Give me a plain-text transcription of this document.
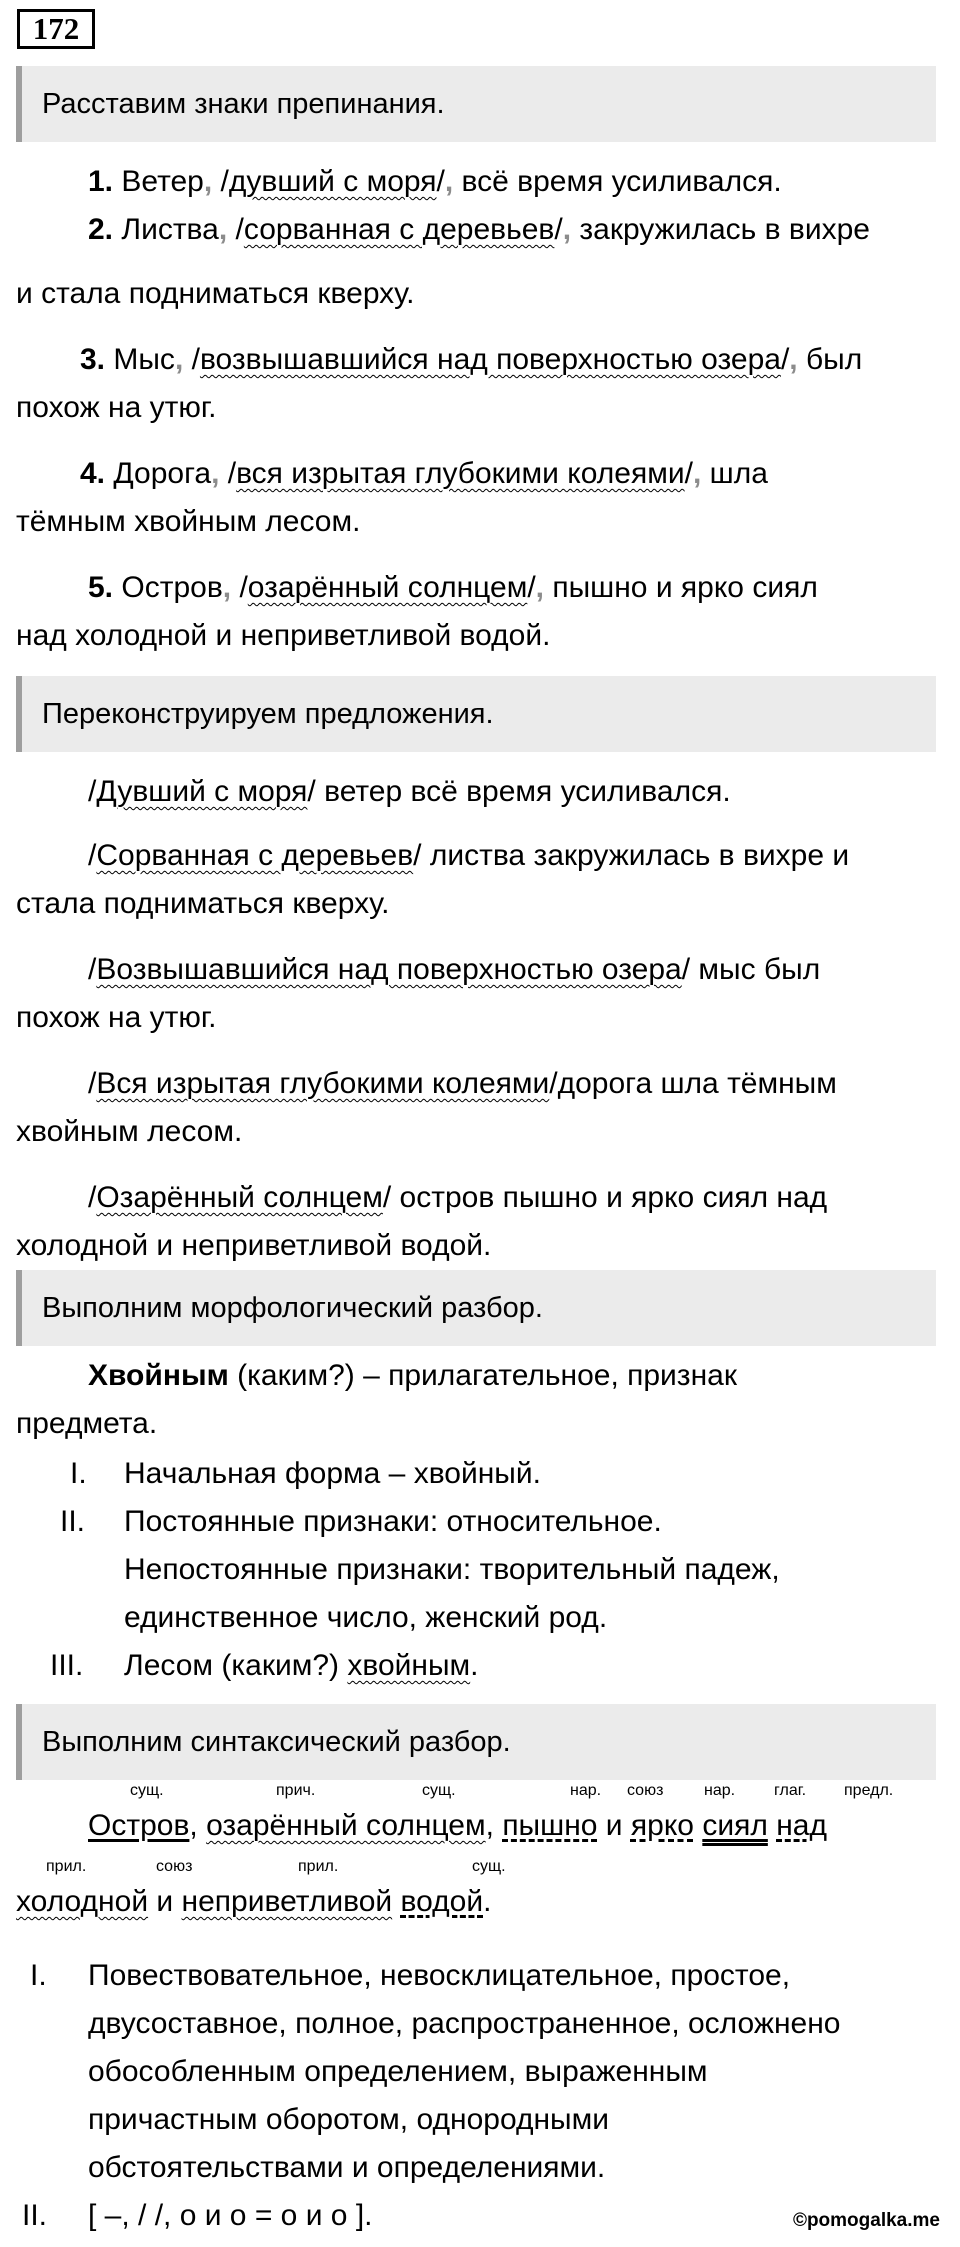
172
Расставим знаки препинания.
1. Ветер, /дувший с моря/, всё время усиливался.
2. Листва, /сорванная с деревьев/, закружилась в вихре
и стала подниматься кверху.
3. Мыс, /возвышавшийся над поверхностью озера/, был
похож на утюг.
4. Дорога, /вся изрытая глубокими колеями/, шла
тёмным хвойным лесом.
5. Остров, /озарённый солнцем/, пышно и ярко сиял
над холодной и неприветливой водой.
Переконструируем предложения.
/Дувший с моря/ ветер всё время усиливался.
/Сорванная с деревьев/ листва закружилась в вихре и
стала подниматься кверху.
/Возвышавшийся над поверхностью озера/ мыс был
похож на утюг.
/Вся изрытая глубокими колеями/дорога шла тёмным
хвойным лесом.
/Озарённый солнцем/ остров пышно и ярко сиял над
холодной и неприветливой водой.
Выполним морфологический разбор.
Хвойным (каким?) – прилагательное, признак
предмета.
I. Начальная форма – хвойный.
II. Постоянные признаки: относительное.
Непостоянные признаки: творительный падеж,
единственное число, женский род.
III. Лесом (каким?) хвойным.
Выполним синтаксический разбор.
сущ.	прич.	сущ.	нар. союз	нар. глаг. предл.
Остров, озарённый солнцем, пышно и ярко сиял над
прил.	союз	прил.	сущ.
холодной и неприветливой водой.
I. Повествовательное, невосклицательное, простое,
двусоставное, полное, распространенное, осложнено
обособленным определением, выраженным
причастным оборотом, однородными
обстоятельствами и определениями.
II. [ –, / /, о и о = о и о ].	©pomogalka.me
